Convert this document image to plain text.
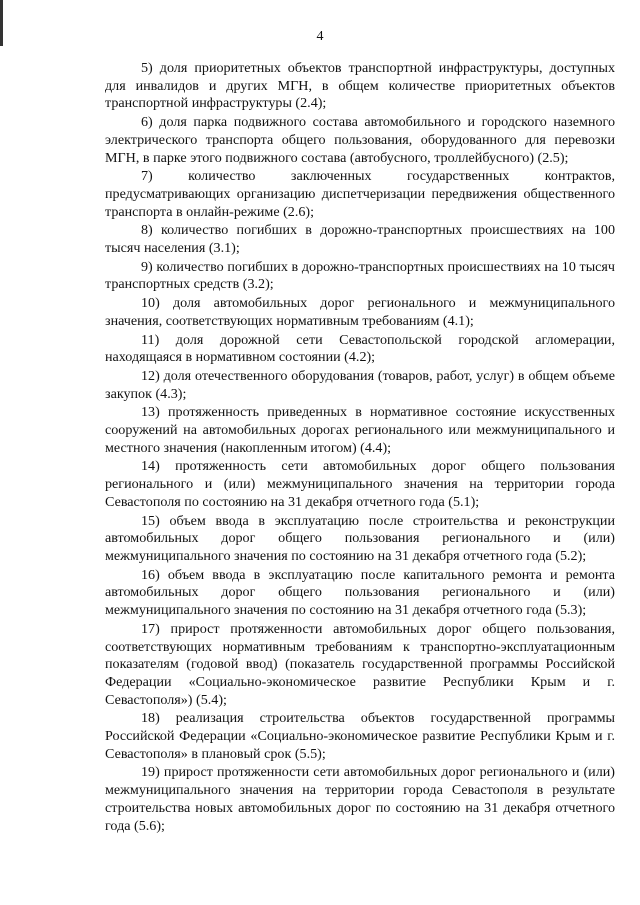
4

5) доля приоритетных объектов транспортной инфраструктуры, доступных для инвалидов и других МГН, в общем количестве приоритетных объектов транспортной инфраструктуры (2.4);

6) доля парка подвижного состава автомобильного и городского наземного электрического транспорта общего пользования, оборудованного для перевозки МГН, в парке этого подвижного состава (автобусного, троллейбусного) (2.5);

7) количество заключенных государственных контрактов, предусматривающих организацию диспетчеризации передвижения общественного транспорта в онлайн-режиме (2.6);

8) количество погибших в дорожно-транспортных происшествиях на 100 тысяч населения (3.1);

9) количество погибших в дорожно-транспортных происшествиях на 10 тысяч транспортных средств (3.2);

10) доля автомобильных дорог регионального и межмуниципального значения, соответствующих нормативным требованиям (4.1);

11) доля дорожной сети Севастопольской городской агломерации, находящаяся в нормативном состоянии (4.2);

12) доля отечественного оборудования (товаров, работ, услуг) в общем объеме закупок (4.3);

13) протяженность приведенных в нормативное состояние искусственных сооружений на автомобильных дорогах регионального или межмуниципального и местного значения (накопленным итогом) (4.4);

14) протяженность сети автомобильных дорог общего пользования регионального и (или) межмуниципального значения на территории города Севастополя по состоянию на 31 декабря отчетного года (5.1);

15) объем ввода в эксплуатацию после строительства и реконструкции автомобильных дорог общего пользования регионального и (или) межмуниципального значения по состоянию на 31 декабря отчетного года (5.2);

16) объем ввода в эксплуатацию после капитального ремонта и ремонта автомобильных дорог общего пользования регионального и (или) межмуниципального значения по состоянию на 31 декабря отчетного года (5.3);

17) прирост протяженности автомобильных дорог общего пользования, соответствующих нормативным требованиям к транспортно-эксплуатационным показателям (годовой ввод) (показатель государственной программы Российской Федерации «Социально-экономическое развитие Республики Крым и г. Севастополя») (5.4);

18) реализация строительства объектов государственной программы Российской Федерации «Социально-экономическое развитие Республики Крым и г. Севастополя» в плановый срок (5.5);

19) прирост протяженности сети автомобильных дорог регионального и (или) межмуниципального значения на территории города Севастополя в результате строительства новых автомобильных дорог по состоянию на 31 декабря отчетного года (5.6);
